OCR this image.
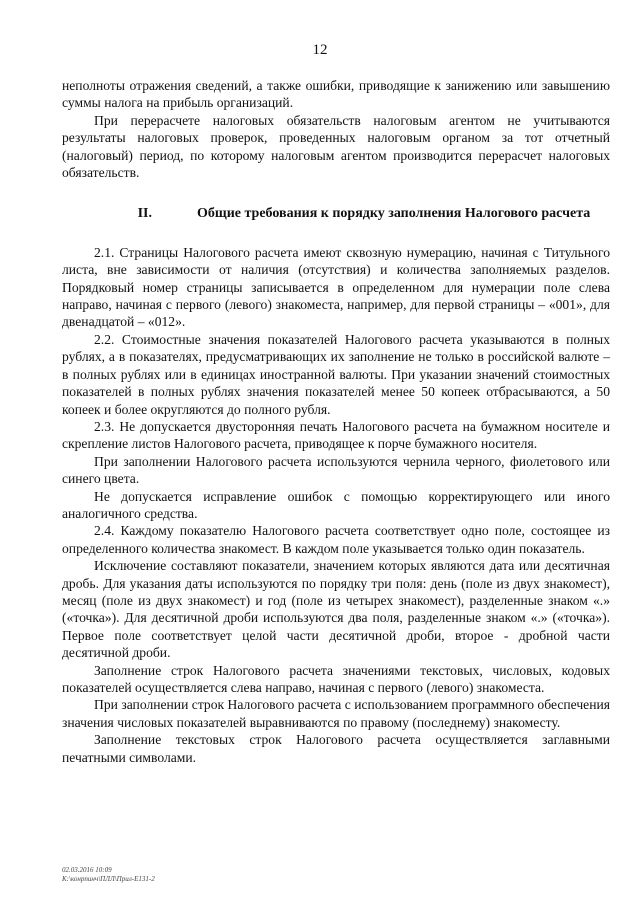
12

неполноты отражения сведений, а также ошибки, приводящие к занижению или завышению суммы налога на прибыль организаций.

При перерасчете налоговых обязательств налоговым агентом не учитываются результаты налоговых проверок, проведенных налоговым органом за тот отчетный (налоговый) период, по которому налоговым агентом производится перерасчет налоговых обязательств.

II.	Общие требования к порядку заполнения Налогового расчета

2.1. Страницы Налогового расчета имеют сквозную нумерацию, начиная с Титульного листа, вне зависимости от наличия (отсутствия) и количества заполняемых разделов. Порядковый номер страницы записывается в определенном для нумерации поле слева направо, начиная с первого (левого) знакоместа, например, для первой страницы – «001», для двенадцатой – «012».

2.2. Стоимостные значения показателей Налогового расчета указываются в полных рублях, а в показателях, предусматривающих их заполнение не только в российской валюте – в полных рублях или в единицах иностранной валюты. При указании значений стоимостных показателей в полных рублях значения показателей менее 50 копеек отбрасываются, а 50 копеек и более округляются до полного рубля.

2.3. Не допускается двусторонняя печать Налогового расчета на бумажном носителе и скрепление листов Налогового расчета, приводящее к порче бумажного носителя.

При заполнении Налогового расчета используются чернила черного, фиолетового или синего цвета.

Не допускается исправление ошибок с помощью корректирующего или иного аналогичного средства.

2.4. Каждому показателю Налогового расчета соответствует одно поле, состоящее из определенного количества знакомест. В каждом поле указывается только один показатель.

Исключение составляют показатели, значением которых являются дата или десятичная дробь. Для указания даты используются по порядку три поля: день (поле из двух знакомест), месяц (поле из двух знакомест) и год (поле из четырех знакомест), разделенные знаком «.» («точка»). Для десятичной дроби используются два поля, разделенные знаком «.» («точка»). Первое поле соответствует целой части десятичной дроби, второе - дробной части десятичной дроби.

Заполнение строк Налогового расчета значениями текстовых, числовых, кодовых показателей осуществляется слева направо, начиная с первого (левого) знакоместа.

При заполнении строк Налогового расчета с использованием программного обеспечения значения числовых показателей выравниваются по правому (последнему) знакоместу.

Заполнение текстовых строк Налогового расчета осуществляется заглавными печатными символами.

02.03.2016 10:09
К:\конрпинч\ПЛЛ\Прил-Е131-2
